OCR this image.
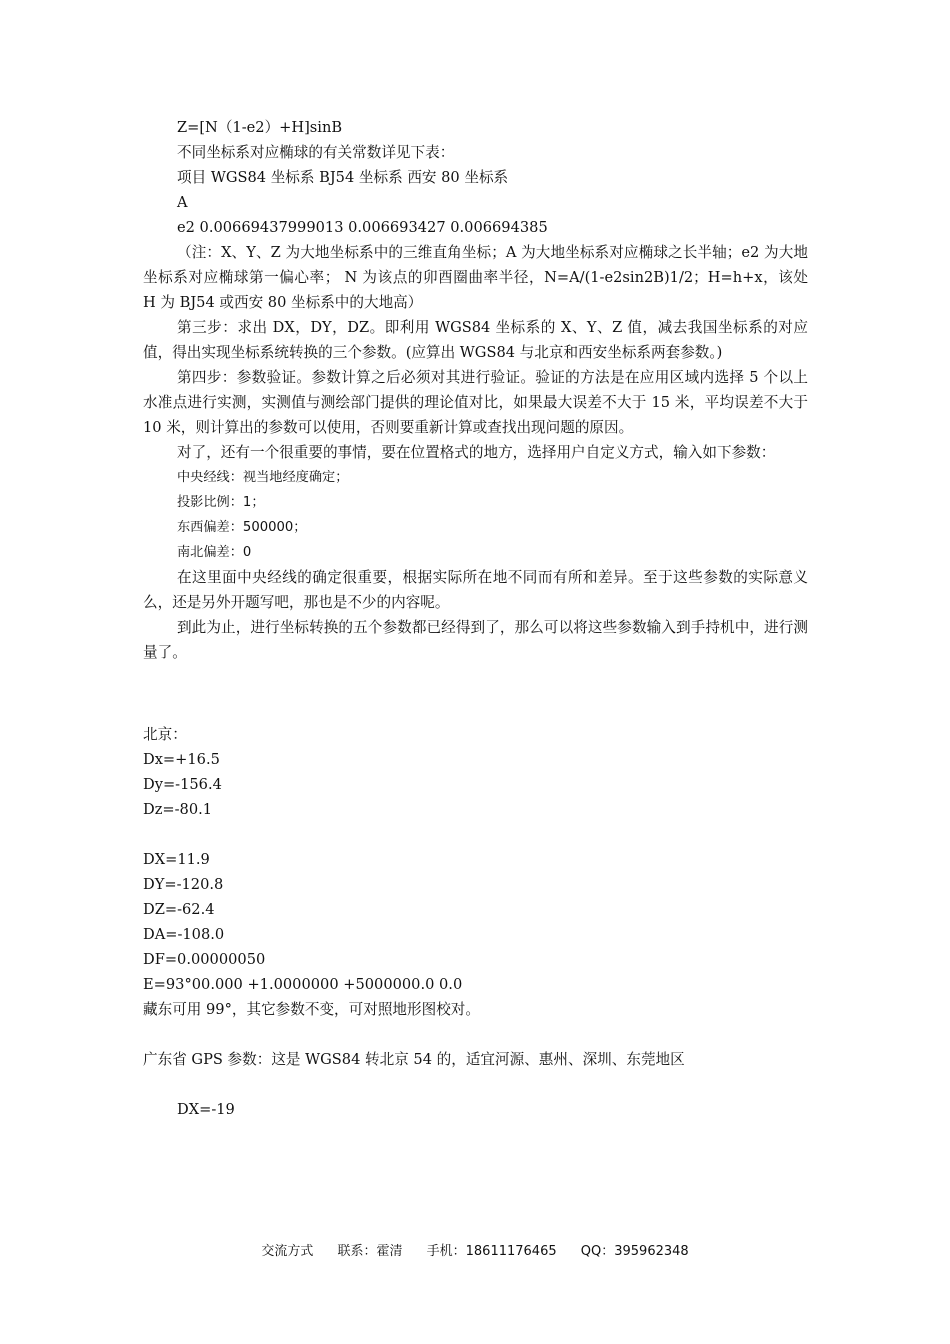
Z=[N（1-e2）+H]sinB

不同坐标系对应椭球的有关常数详见下表：

项目 WGS84 坐标系 BJ54 坐标系 西安 80 坐标系

A

e2 0.00669437999013 0.006693427 0.006694385

（注：X、Y、Z 为大地坐标系中的三维直角坐标；A 为大地坐标系对应椭球之长半轴；e2 为大地坐标系对应椭球第一偏心率； N 为该点的卯酉圈曲率半径，N=A/(1-e2sin2B)1/2；H=h+x，该处 H 为 BJ54 或西安 80 坐标系中的大地高）

第三步：求出 DX，DY，DZ。即利用 WGS84 坐标系的 X、Y、Z 值，减去我国坐标系的对应值，得出实现坐标系统转换的三个参数。(应算出 WGS84 与北京和西安坐标系两套参数。)

第四步：参数验证。参数计算之后必须对其进行验证。验证的方法是在应用区域内选择 5 个以上水准点进行实测，实测值与测绘部门提供的理论值对比，如果最大误差不大于 15 米，平均误差不大于 10 米，则计算出的参数可以使用，否则要重新计算或查找出现问题的原因。

对了，还有一个很重要的事情，要在位置格式的地方，选择用户自定义方式，输入如下参数：

中央经线：视当地经度确定；

投影比例：1；

东西偏差：500000；

南北偏差：0

在这里面中央经线的确定很重要，根据实际所在地不同而有所和差异。至于这些参数的实际意义么，还是另外开题写吧，那也是不少的内容呢。

到此为止，进行坐标转换的五个参数都已经得到了，那么可以将这些参数输入到手持机中，进行测量了。

北京：

Dx=+16.5

Dy=-156.4

Dz=-80.1

DX=11.9

DY=-120.8

DZ=-62.4

DA=-108.0

DF=0.00000050

E=93°00.000 +1.0000000 +5000000.0 0.0

藏东可用 99°，其它参数不变，可对照地形图校对。

广东省 GPS 参数：这是 WGS84 转北京 54 的，适宜河源、惠州、深圳、东莞地区

DX=-19

交流方式 联系：霍清 手机：18611176465 QQ：395962348
